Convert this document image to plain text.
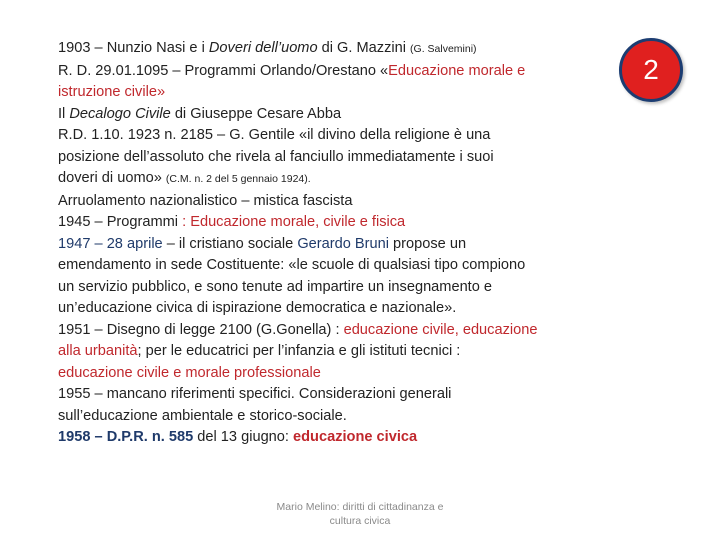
1903 – Nunzio Nasi e i Doveri dell’uomo di G. Mazzini (G. Salvemini)
R. D. 29.01.1095 – Programmi Orlando/Orestano «Educazione morale e
istruzione civile»
Il Decalogo Civile di Giuseppe Cesare Abba
R.D. 1.10. 1923 n. 2185 – G. Gentile «il divino della religione è una
posizione dell’assoluto che rivela al fanciullo immediatamente i suoi
doveri di uomo» (C.M. n. 2 del 5 gennaio 1924).
Arruolamento nazionalistico – mistica fascista
1945 – Programmi : Educazione morale, civile e fisica
1947 – 28 aprile – il cristiano sociale Gerardo Bruni propose un
emendamento in sede Costituente: «le scuole di qualsiasi tipo compiono
un servizio pubblico, e sono tenute ad impartire un insegnamento e
un’educazione civica di ispirazione democratica e nazionale».
1951 – Disegno di legge 2100 (G.Gonella) : educazione civile, educazione
alla urbanità; per le educatrici per l’infanzia e gli istituti tecnici :
educazione civile e morale professionale
1955 – mancano riferimenti specifici. Considerazioni generali
sull’educazione ambientale e storico-sociale.
1958 – D.P.R. n. 585 del 13 giugno: educazione civica
2
Mario Melino: diritti di cittadinanza e
cultura civica
